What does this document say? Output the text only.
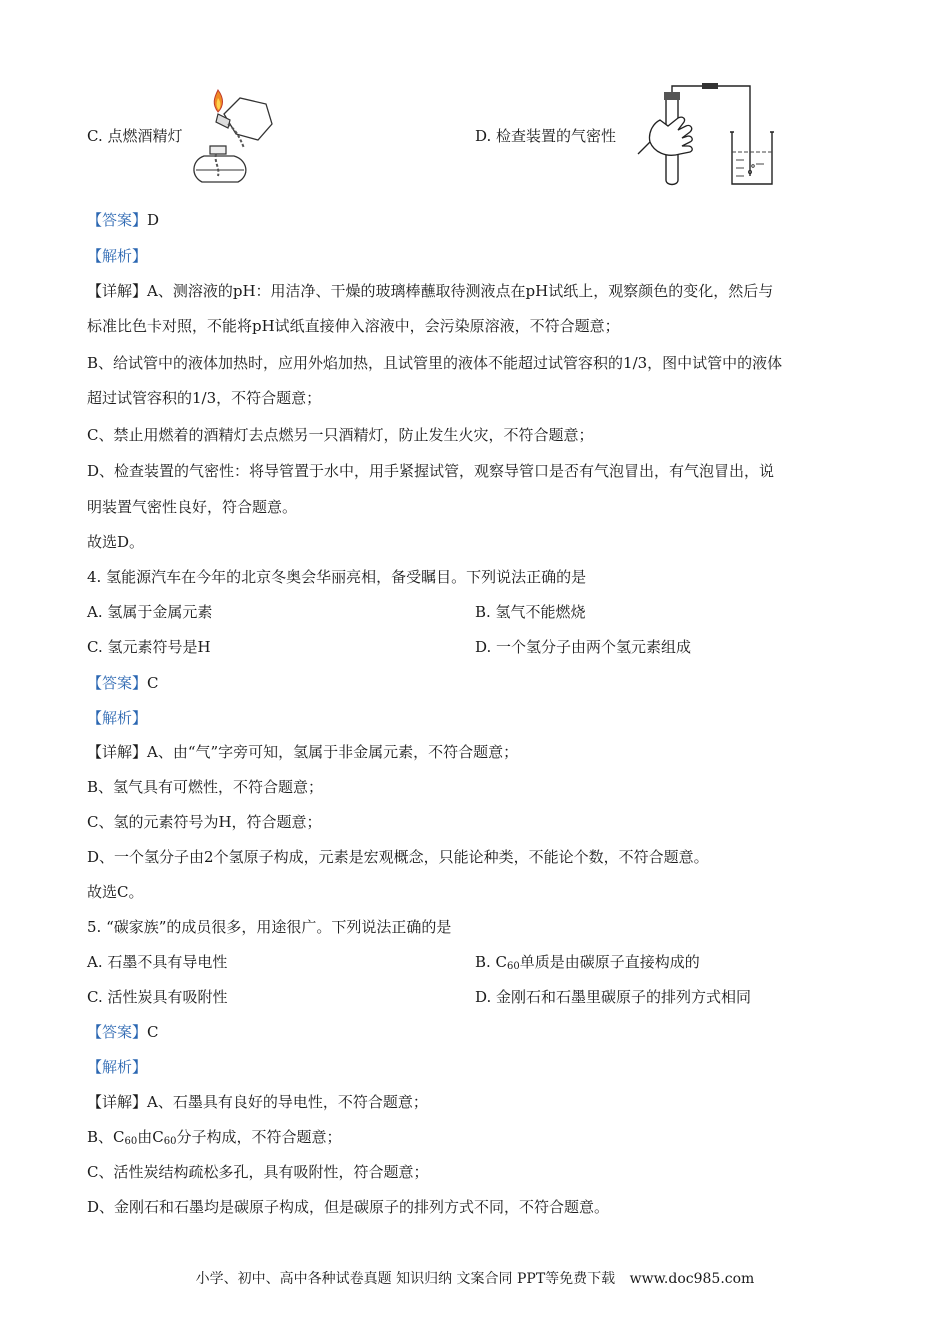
C. 点燃酒精灯	D. 检查装置的气密性
【答案】D
【解析】
【详解】A、测溶液的pH：用洁净、干燥的玻璃棒蘸取待测液点在pH试纸上，观察颜色的变化，然后与
标准比色卡对照，不能将pH试纸直接伸入溶液中，会污染原溶液，不符合题意；
B、给试管中的液体加热时，应用外焰加热，且试管里的液体不能超过试管容积的1/3，图中试管中的液体
超过试管容积的1/3，不符合题意；
C、禁止用燃着的酒精灯去点燃另一只酒精灯，防止发生火灾，不符合题意；
D、检查装置的气密性：将导管置于水中，用手紧握试管，观察导管口是否有气泡冒出，有气泡冒出，说
明装置气密性良好，符合题意。
故选D。
4. 氢能源汽车在今年的北京冬奥会华丽亮相，备受瞩目。下列说法正确的是
A. 氢属于金属元素	B. 氢气不能燃烧
C. 氢元素符号是H	D. 一个氢分子由两个氢元素组成
【答案】C
【解析】
【详解】A、由“气”字旁可知，氢属于非金属元素，不符合题意；
B、氢气具有可燃性，不符合题意；
C、氢的元素符号为H，符合题意；
D、一个氢分子由2个氢原子构成，元素是宏观概念，只能论种类，不能论个数，不符合题意。
故选C。
5. “碳家族”的成员很多，用途很广。下列说法正确的是
A. 石墨不具有导电性	B. $C_{60}$单质是由碳原子直接构成的
C. 活性炭具有吸附性	D. 金刚石和石墨里碳原子的排列方式相同
【答案】C
【解析】
【详解】A、石墨具有良好的导电性，不符合题意；
B、$C_{60}$由$C_{60}$分子构成，不符合题意；
C、活性炭结构疏松多孔，具有吸附性，符合题意；
D、金刚石和石墨均是碳原子构成，但是碳原子的排列方式不同，不符合题意。
小学、初中、高中各种试卷真题 知识归纳 文案合同 PPT等免费下载 www.doc985.com
